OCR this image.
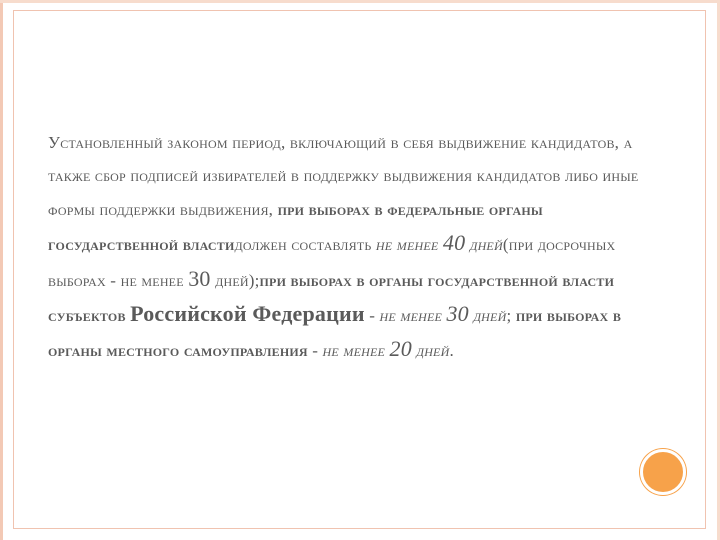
Установленный законом период, включающий в себя выдвижение кандидатов, а также сбор подписей избирателей в поддержку выдвижения кандидатов либо иные формы поддержки выдвижения, при выборах в федеральные органы государственной властидолжен составлять не менее 40 дней(при досрочных выборах - не менее 30 дней);при выборах в органы государственной власти субъектов Российской Федерации - не менее 30 дней; при выборах в органы местного самоуправления - не менее 20 дней.
